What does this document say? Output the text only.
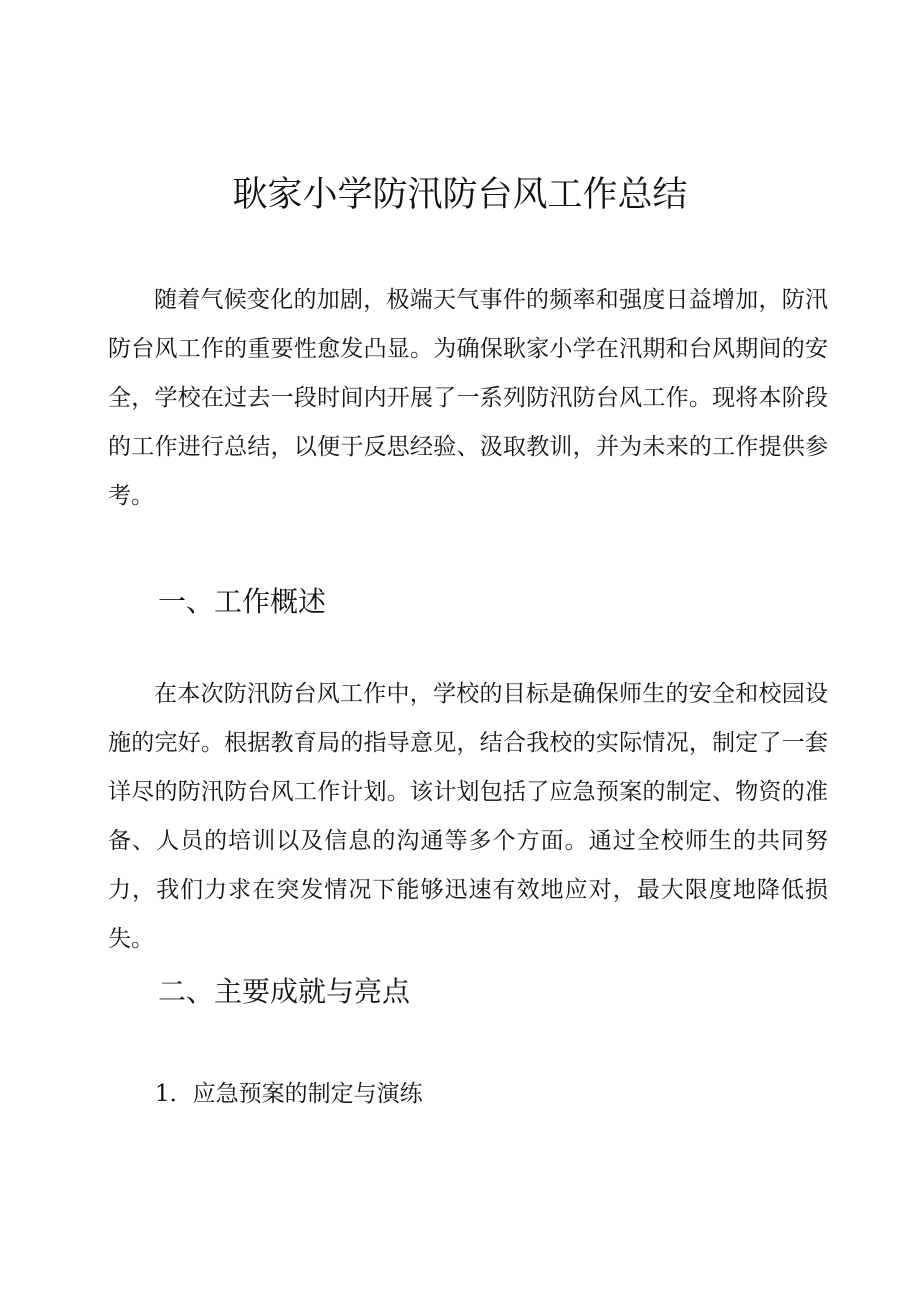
耿家小学防汛防台风工作总结

随着气候变化的加剧，极端天气事件的频率和强度日益增加，防汛防台风工作的重要性愈发凸显。为确保耿家小学在汛期和台风期间的安全，学校在过去一段时间内开展了一系列防汛防台风工作。现将本阶段的工作进行总结，以便于反思经验、汲取教训，并为未来的工作提供参考。

一、工作概述

在本次防汛防台风工作中，学校的目标是确保师生的安全和校园设施的完好。根据教育局的指导意见，结合我校的实际情况，制定了一套详尽的防汛防台风工作计划。该计划包括了应急预案的制定、物资的准备、人员的培训以及信息的沟通等多个方面。通过全校师生的共同努力，我们力求在突发情况下能够迅速有效地应对，最大限度地降低损失。

二、主要成就与亮点
1．应急预案的制定与演练
